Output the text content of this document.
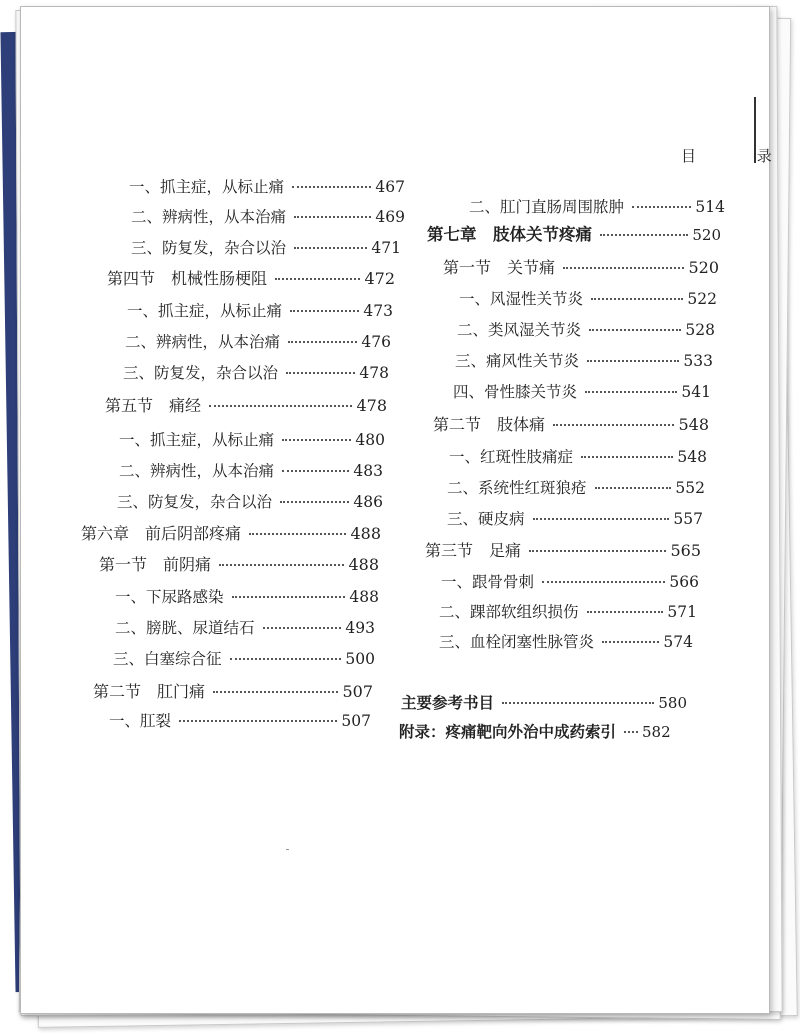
目 录
一、抓主症，从标止痛	467
二、辨病性，从本治痛	469
三、防复发，杂合以治	471
第四节　机械性肠梗阻	472
一、抓主症，从标止痛	473
二、辨病性，从本治痛	476
三、防复发，杂合以治	478
第五节　痛经	478
一、抓主症，从标止痛	480
二、辨病性，从本治痛	483
三、防复发，杂合以治	486
第六章　前后阴部疼痛	488
第一节　前阴痛	488
一、下尿路感染	488
二、膀胱、尿道结石	493
三、白塞综合征	500
第二节　肛门痛	507
一、肛裂	507
二、肛门直肠周围脓肿	514
第七章　肢体关节疼痛	520
第一节　关节痛	520
一、风湿性关节炎	522
二、类风湿关节炎	528
三、痛风性关节炎	533
四、骨性膝关节炎	541
第二节　肢体痛	548
一、红斑性肢痛症	548
二、系统性红斑狼疮	552
三、硬皮病	557
第三节　足痛	565
一、跟骨骨刺	566
二、踝部软组织损伤	571
三、血栓闭塞性脉管炎	574
主要参考书目	580
附录：疼痛靶向外治中成药索引	582
